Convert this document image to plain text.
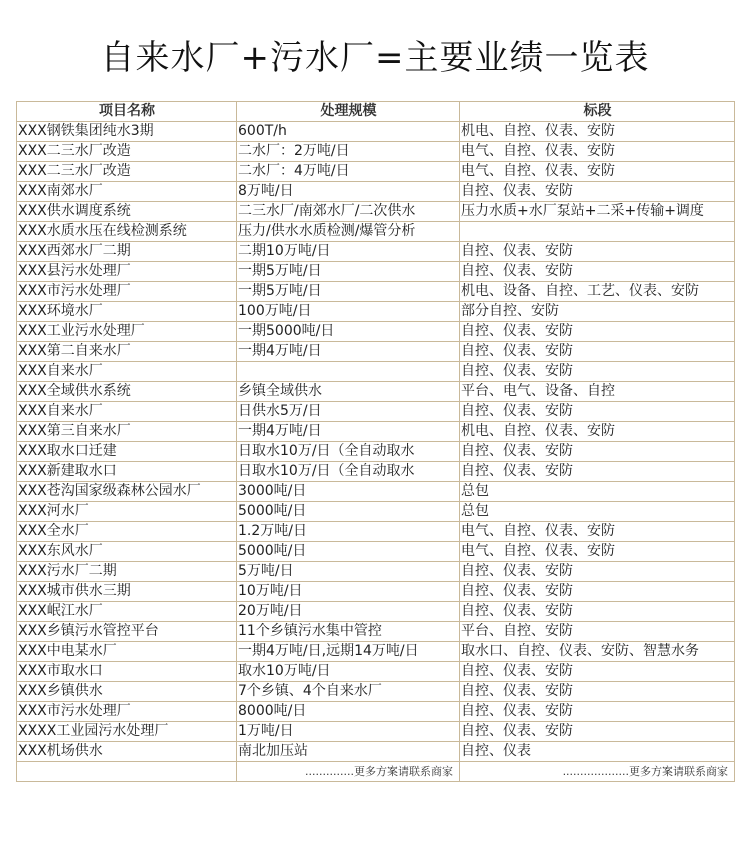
自来水厂+污水厂=主要业绩一览表
项目名称	处理规模	标段
XXX钢铁集团纯水3期	600T/h	机电、自控、仪表、安防
XXX二三水厂改造	二水厂：2万吨/日	电气、自控、仪表、安防
XXX二三水厂改造	二水厂：4万吨/日	电气、自控、仪表、安防
XXX南郊水厂	8万吨/日	自控、仪表、安防
XXX供水调度系统	二三水厂/南郊水厂/二次供水	压力水质+水厂泵站+二采+传输+调度
XXX水质水压在线检测系统	压力/供水水质检测/爆管分析	
XXX西郊水厂二期	二期10万吨/日	自控、仪表、安防
XXX县污水处理厂	一期5万吨/日	自控、仪表、安防
XXX市污水处理厂	一期5万吨/日	机电、设备、自控、工艺、仪表、安防
XXX环境水厂	100万吨/日	部分自控、安防
XXX工业污水处理厂	一期5000吨/日	自控、仪表、安防
XXX第二自来水厂	一期4万吨/日	自控、仪表、安防
XXX自来水厂		自控、仪表、安防
XXX全域供水系统	乡镇全域供水	平台、电气、设备、自控
XXX自来水厂	日供水5万/日	自控、仪表、安防
XXX第三自来水厂	一期4万吨/日	机电、自控、仪表、安防
XXX取水口迁建	日取水10万/日（全自动取水	自控、仪表、安防
XXX新建取水口	日取水10万/日（全自动取水	自控、仪表、安防
XXX苍沟国家级森林公园水厂	3000吨/日	总包
XXX河水厂	5000吨/日	总包
XXX全水厂	1.2万吨/日	电气、自控、仪表、安防
XXX东风水厂	5000吨/日	电气、自控、仪表、安防
XXX污水厂二期	5万吨/日	自控、仪表、安防
XXX城市供水三期	10万吨/日	自控、仪表、安防
XXX岷江水厂	20万吨/日	自控、仪表、安防
XXX乡镇污水管控平台	11个乡镇污水集中管控	平台、自控、安防
XXX中电某水厂	一期4万吨/日,远期14万吨/日	取水口、自控、仪表、安防、智慧水务
XXX市取水口	取水10万吨/日	自控、仪表、安防
XXX乡镇供水	7个乡镇、4个自来水厂	自控、仪表、安防
XXX市污水处理厂	8000吨/日	自控、仪表、安防
XXXX工业园污水处理厂	1万吨/日	自控、仪表、安防
XXX机场供水	南北加压站	自控、仪表
	..............更多方案请联系商家	...................更多方案请联系商家
